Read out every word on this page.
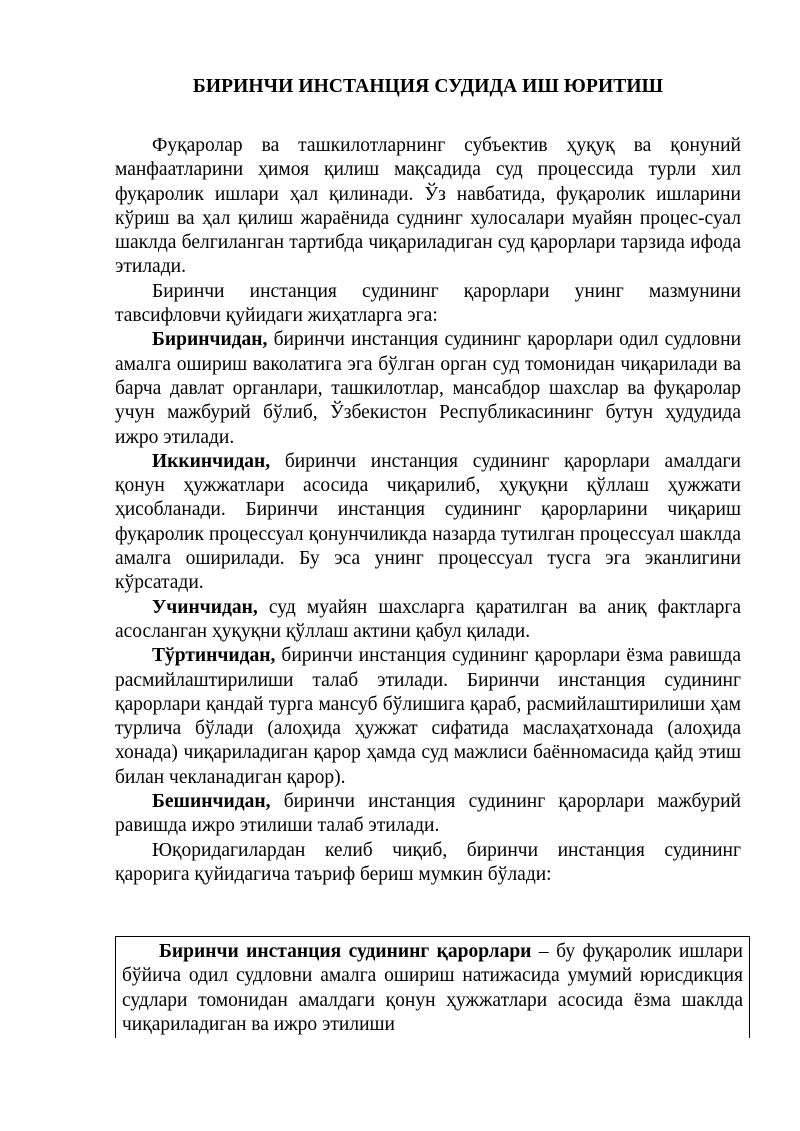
БИРИНЧИ ИНСТАНЦИЯ СУДИДА ИШ ЮРИТИШ

Фуқаролар ва ташкилотларнинг субъектив ҳуқуқ ва қонуний манфаатларини ҳимоя қилиш мақсадида суд процессида турли хил фуқаролик ишлари ҳал қилинади. Ўз навбатида, фуқаролик ишларини кўриш ва ҳал қилиш жараёнида суднинг хулосалари муайян процес-суал шаклда белгиланган тартибда чиқариладиган суд қарорлари тарзида ифода этилади.

Биринчи инстанция судининг қарорлари унинг мазмунини тавсифловчи қуйидаги жиҳатларга эга:

Биринчидан, биринчи инстанция судининг қарорлари одил судловни амалга ошириш ваколатига эга бўлган орган суд томонидан чиқарилади ва барча давлат органлари, ташкилотлар, мансабдор шахслар ва фуқаролар учун мажбурий бўлиб, Ўзбекистон Республикасининг бутун ҳудудида ижро этилади.

Иккинчидан, биринчи инстанция судининг қарорлари амалдаги қонун ҳужжатлари асосида чиқарилиб, ҳуқуқни қўллаш ҳужжати ҳисобланади. Биринчи инстанция судининг қарорларини чиқариш фуқаролик процессуал қонунчиликда назарда тутилган процессуал шаклда амалга оширилади. Бу эса унинг процессуал тусга эга эканлигини кўрсатади.

Учинчидан, суд муайян шахсларга қаратилган ва аниқ фактларга асосланган ҳуқуқни қўллаш актини қабул қилади.

Тўртинчидан, биринчи инстанция судининг қарорлари ёзма равишда расмийлаштирилиши талаб этилади. Биринчи инстанция судининг қарорлари қандай турга мансуб бўлишига қараб, расмийлаштирилиши ҳам турлича бўлади (алоҳида ҳужжат сифатида маслаҳатхонада (алоҳида хонада) чиқариладиган қарор ҳамда суд мажлиси баённомасида қайд этиш билан чекланадиган қарор).

Бешинчидан, биринчи инстанция судининг қарорлари мажбурий равишда ижро этилиши талаб этилади.

Юқоридагилардан келиб чиқиб, биринчи инстанция судининг қарорига қуйидагича таъриф бериш мумкин бўлади:

Биринчи инстанция судининг қарорлари – бу фуқаролик ишлари бўйича одил судловни амалга ошириш натижасида умумий юрисдикция судлари томонидан амалдаги қонун ҳужжатлари асосида ёзма шаклда чиқариладиган ва ижро этилиши
